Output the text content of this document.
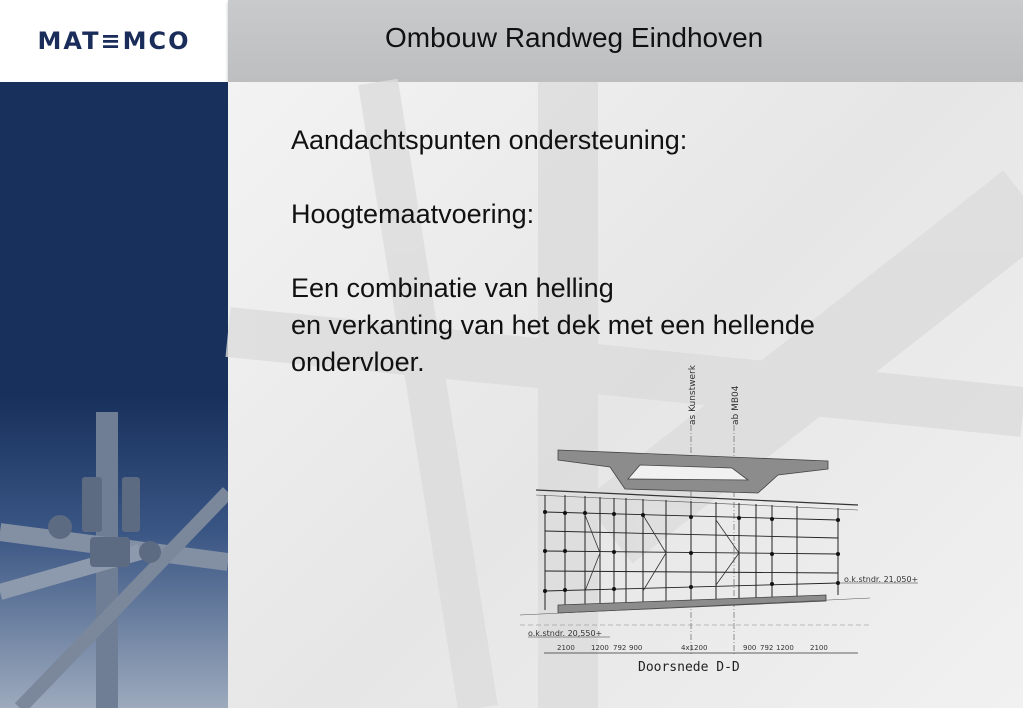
MAT≡MCO	Ombouw Randweg Eindhoven

Aandachtspunten ondersteuning:

Hoogtemaatvoering:

Een combinatie van helling

en verkanting van het dek met een hellende

ondervloer.

as Kunstwerk	ab MB04
o.k.stndr. 21,050+
o.k.stndr. 20,550+
2100 1200 792 900	4x1200	900 792 1200 2100
Doorsnede D-D
